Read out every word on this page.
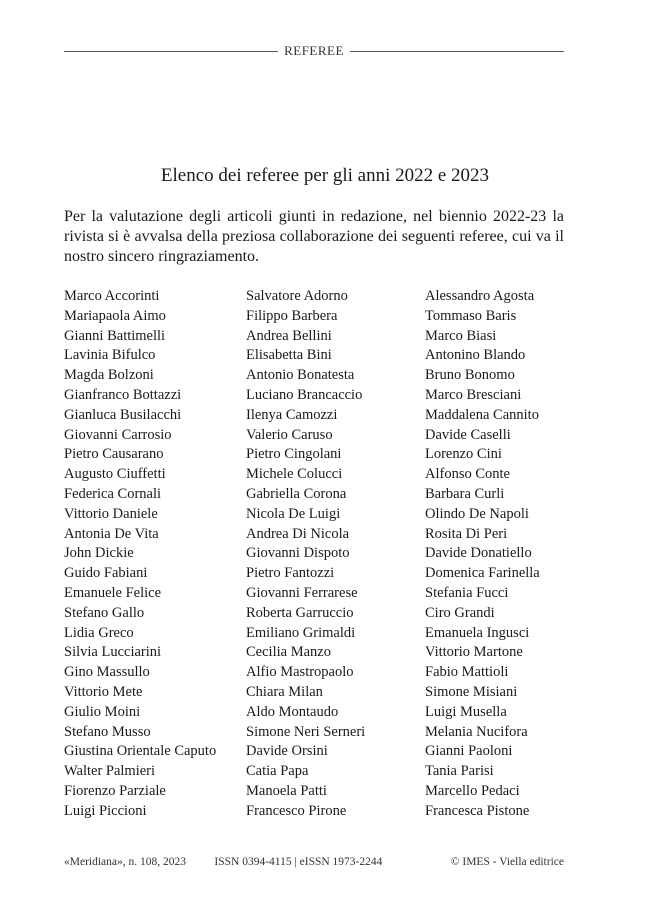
REFEREE
Elenco dei referee per gli anni 2022 e 2023

Per la valutazione degli articoli giunti in redazione, nel biennio 2022-23 la rivista si è avvalsa della preziosa collaborazione dei seguenti referee, cui va il nostro sincero ringraziamento.

Marco Accorinti
Mariapaola Aimo
Gianni Battimelli
Lavinia Bifulco
Magda Bolzoni
Gianfranco Bottazzi
Gianluca Busilacchi
Giovanni Carrosio
Pietro Causarano
Augusto Ciuffetti
Federica Cornali
Vittorio Daniele
Antonia De Vita
John Dickie
Guido Fabiani
Emanuele Felice
Stefano Gallo
Lidia Greco
Silvia Lucciarini
Gino Massullo
Vittorio Mete
Giulio Moini
Stefano Musso
Giustina Orientale Caputo
Walter Palmieri
Fiorenzo Parziale
Luigi Piccioni
Salvatore Adorno
Filippo Barbera
Andrea Bellini
Elisabetta Bini
Antonio Bonatesta
Luciano Brancaccio
Ilenya Camozzi
Valerio Caruso
Pietro Cingolani
Michele Colucci
Gabriella Corona
Nicola De Luigi
Andrea Di Nicola
Giovanni Dispoto
Pietro Fantozzi
Giovanni Ferrarese
Roberta Garruccio
Emiliano Grimaldi
Cecilia Manzo
Alfio Mastropaolo
Chiara Milan
Aldo Montaudo
Simone Neri Serneri
Davide Orsini
Catia Papa
Manoela Patti
Francesco Pirone
Alessandro Agosta
Tommaso Baris
Marco Biasi
Antonino Blando
Bruno Bonomo
Marco Bresciani
Maddalena Cannito
Davide Caselli
Lorenzo Cini
Alfonso Conte
Barbara Curli
Olindo De Napoli
Rosita Di Peri
Davide Donatiello
Domenica Farinella
Stefania Fucci
Ciro Grandi
Emanuela Ingusci
Vittorio Martone
Fabio Mattioli
Simone Misiani
Luigi Musella
Melania Nucifora
Gianni Paoloni
Tania Parisi
Marcello Pedaci
Francesca Pistone
«Meridiana», n. 108, 2023 ISSN 0394-4115 | eISSN 1973-2244	© IMES - Viella editrice
